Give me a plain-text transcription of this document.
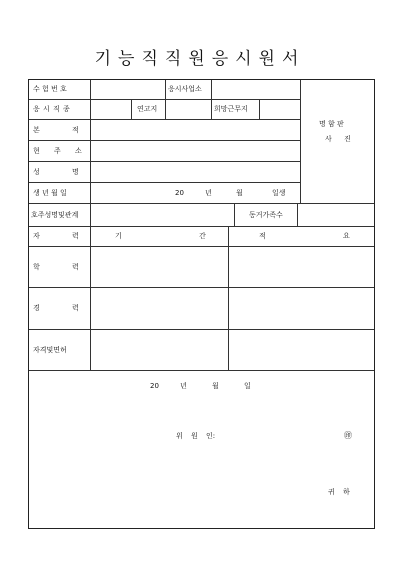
기능직직원응시원서
수 험 번 호	응시사업소
응 시 직 종	연고지	희망근무지
본 적
현 주 소
성 명
명 함 판
사 진
생 년 월 일	20	년	월	일생
호주성명및관계	동거가족수
자 력	기 간	적 요
학 력
경 력
자격및면허
20	년	월	일
위 원 인:	㊞
귀 하
